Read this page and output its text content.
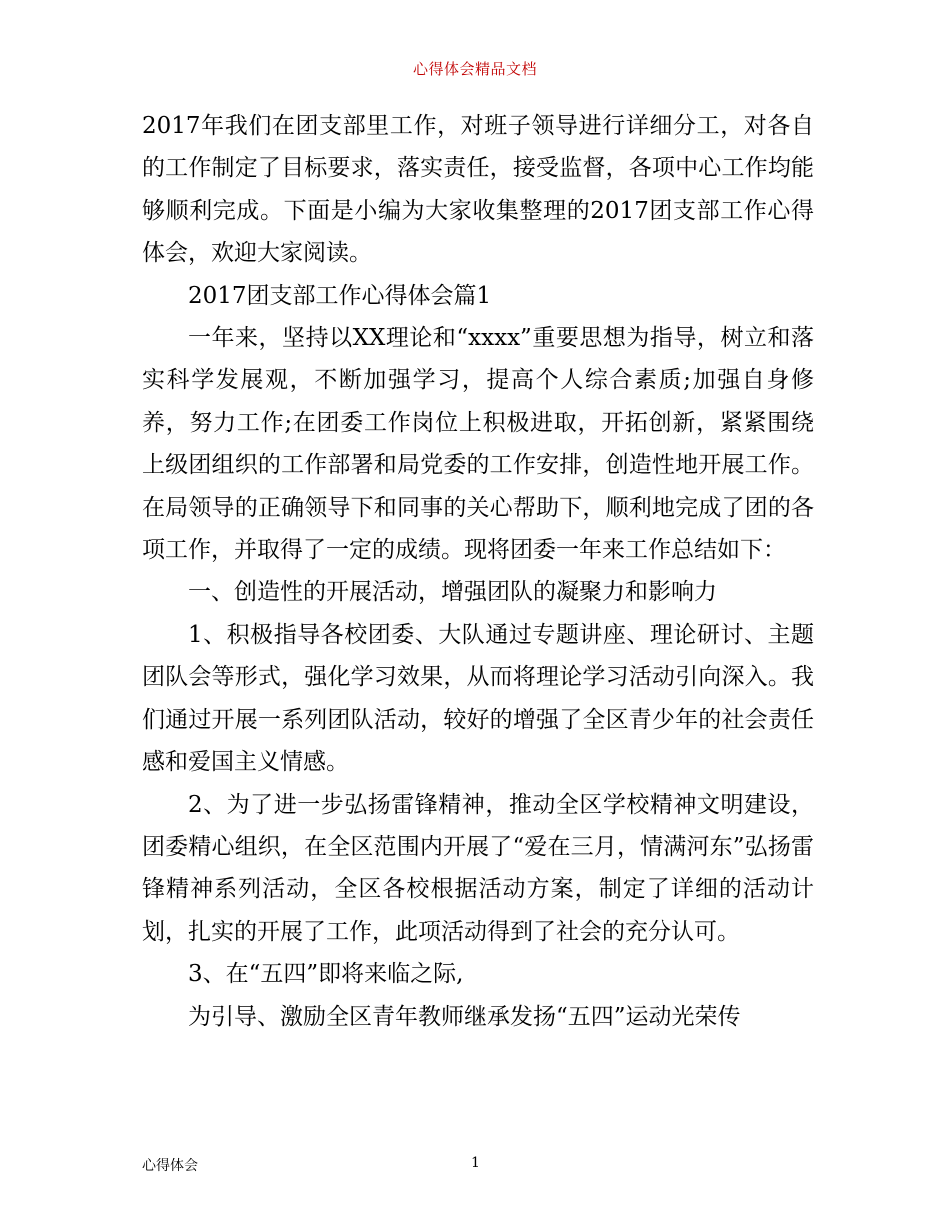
心得体会精品文档

2017年我们在团支部里工作，对班子领导进行详细分工，对各自的工作制定了目标要求，落实责任，接受监督，各项中心工作均能够顺利完成。下面是小编为大家收集整理的2017团支部工作心得体会，欢迎大家阅读。

2017团支部工作心得体会篇1

一年来，坚持以XX理论和“xxxx”重要思想为指导，树立和落实科学发展观，不断加强学习，提高个人综合素质;加强自身修养，努力工作;在团委工作岗位上积极进取，开拓创新，紧紧围绕上级团组织的工作部署和局党委的工作安排，创造性地开展工作。在局领导的正确领导下和同事的关心帮助下，顺利地完成了团的各项工作，并取得了一定的成绩。现将团委一年来工作总结如下：

一、创造性的开展活动，增强团队的凝聚力和影响力

1、积极指导各校团委、大队通过专题讲座、理论研讨、主题团队会等形式，强化学习效果，从而将理论学习活动引向深入。我们通过开展一系列团队活动，较好的增强了全区青少年的社会责任感和爱国主义情感。

2、为了进一步弘扬雷锋精神，推动全区学校精神文明建设，团委精心组织，在全区范围内开展了“爱在三月，情满河东”弘扬雷锋精神系列活动，全区各校根据活动方案，制定了详细的活动计划，扎实的开展了工作，此项活动得到了社会的充分认可。

3、在“五四”即将来临之际,

为引导、激励全区青年教师继承发扬“五四”运动光荣传

心得体会	1
